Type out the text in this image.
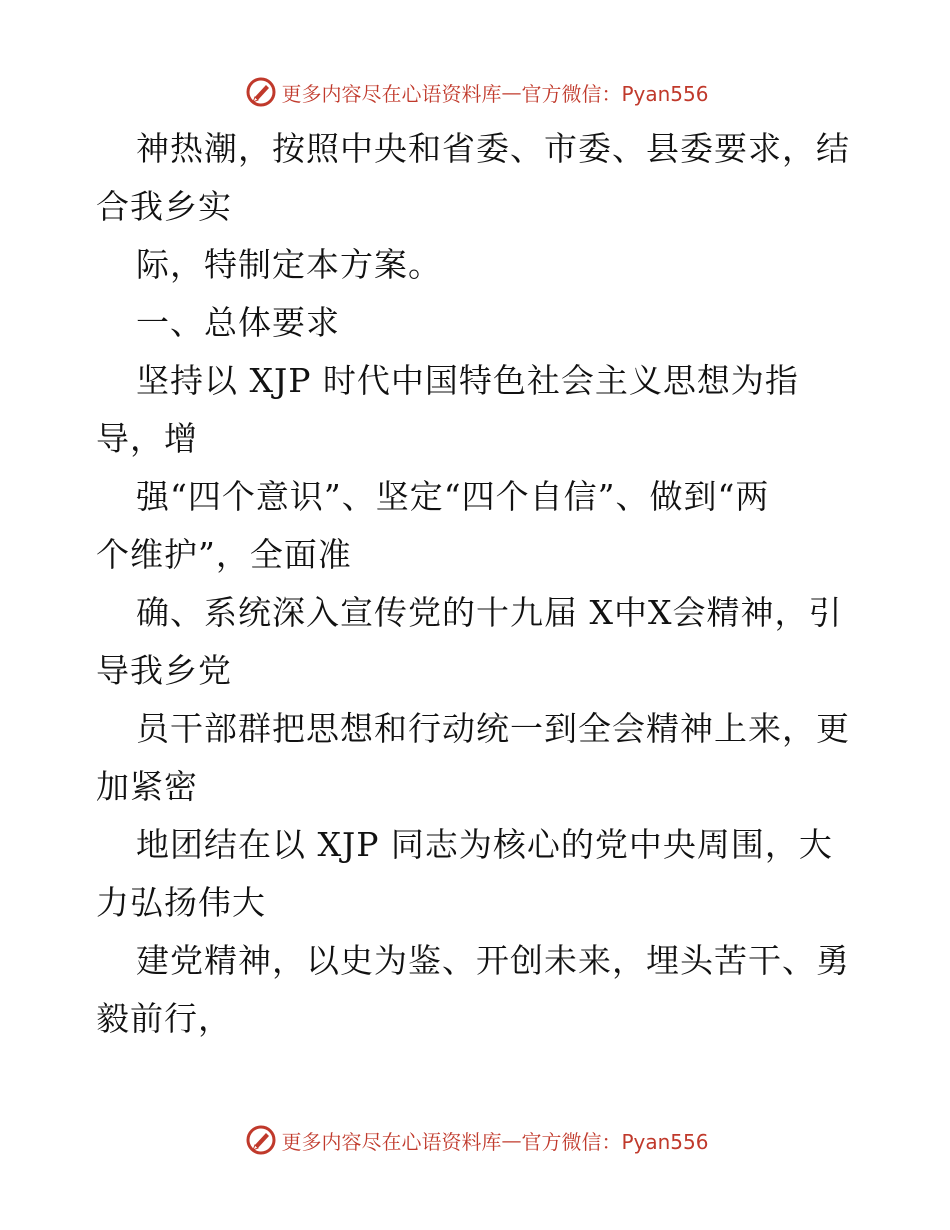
更多内容尽在心语资料库 — 官方微信：Pyan556
神热潮，按照中央和省委、市委、县委要求，结
合我乡实
际，特制定本方案。
一、总体要求
坚持以 XJP 时代中国特色社会主义思想为指
导，增
强“四个意识”、坚定“四个自信”、做到“两
个维护”，全面准
确、系统深入宣传党的十九届 X中X会精神，引
导我乡党
员干部群把思想和行动统一到全会精神上来，更
加紧密
地团结在以 XJP 同志为核心的党中央周围，大
力弘扬伟大
建党精神，以史为鉴、开创未来，埋头苦干、勇
毅前行，
更多内容尽在心语资料库 — 官方微信：Pyan556
